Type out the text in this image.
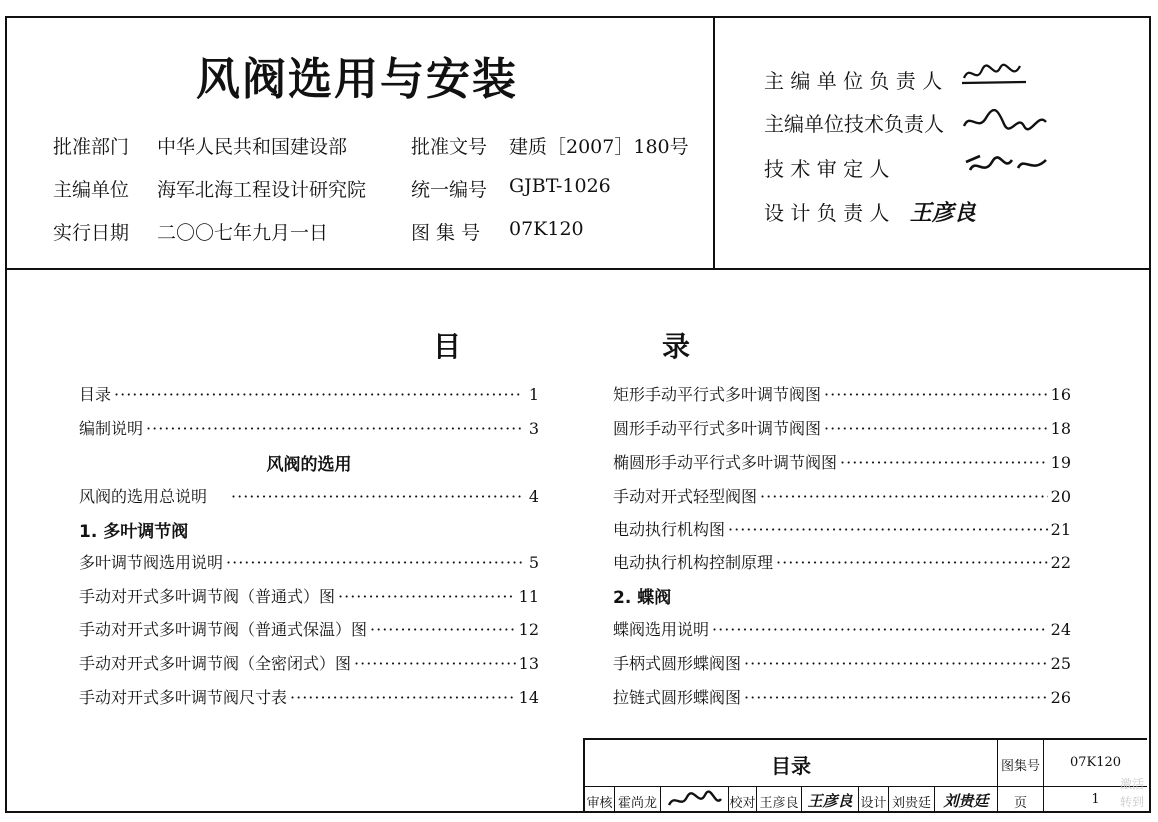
风阀选用与安装
批准部门 中华人民共和国建设部	批准文号 建质［2007］180号
主编单位 海军北海工程设计研究院 统一编号 GJBT-1026
实行日期 二〇〇七年九月一日	图 集 号 07K120
主 编 单 位 负 责 人
主编单位技术负责人
技 术 审 定 人
设 计 负 责 人 王彦良
目	录
目录 ·····	1
编制说明 ·····	3
风阀的选用
风阀的选用总说明 ·····	4
1. 多叶调节阀
多叶调节阀选用说明 ·····	5
手动对开式多叶调节阀（普通式）图 ·····	11
手动对开式多叶调节阀（普通式保温）图 ·····	12
手动对开式多叶调节阀（全密闭式）图 ·····	13
手动对开式多叶调节阀尺寸表 ·····	14
矩形手动平行式多叶调节阀图 ·····	16
圆形手动平行式多叶调节阀图 ·····	18
椭圆形手动平行式多叶调节阀图 ·····	19
手动对开式轻型阀图 ·····	20
电动执行机构图 ·····	21
电动执行机构控制原理 ·····	22
2. 蝶阀
蝶阀选用说明 ·····	24
手柄式圆形蝶阀图 ·····	25
拉链式圆形蝶阀图 ·····	26
目录	图集号	07K120
审核 霍尚龙	校对 王彦良 王彦良 设计 刘贵廷 刘贵廷	页	1
激活
转到
